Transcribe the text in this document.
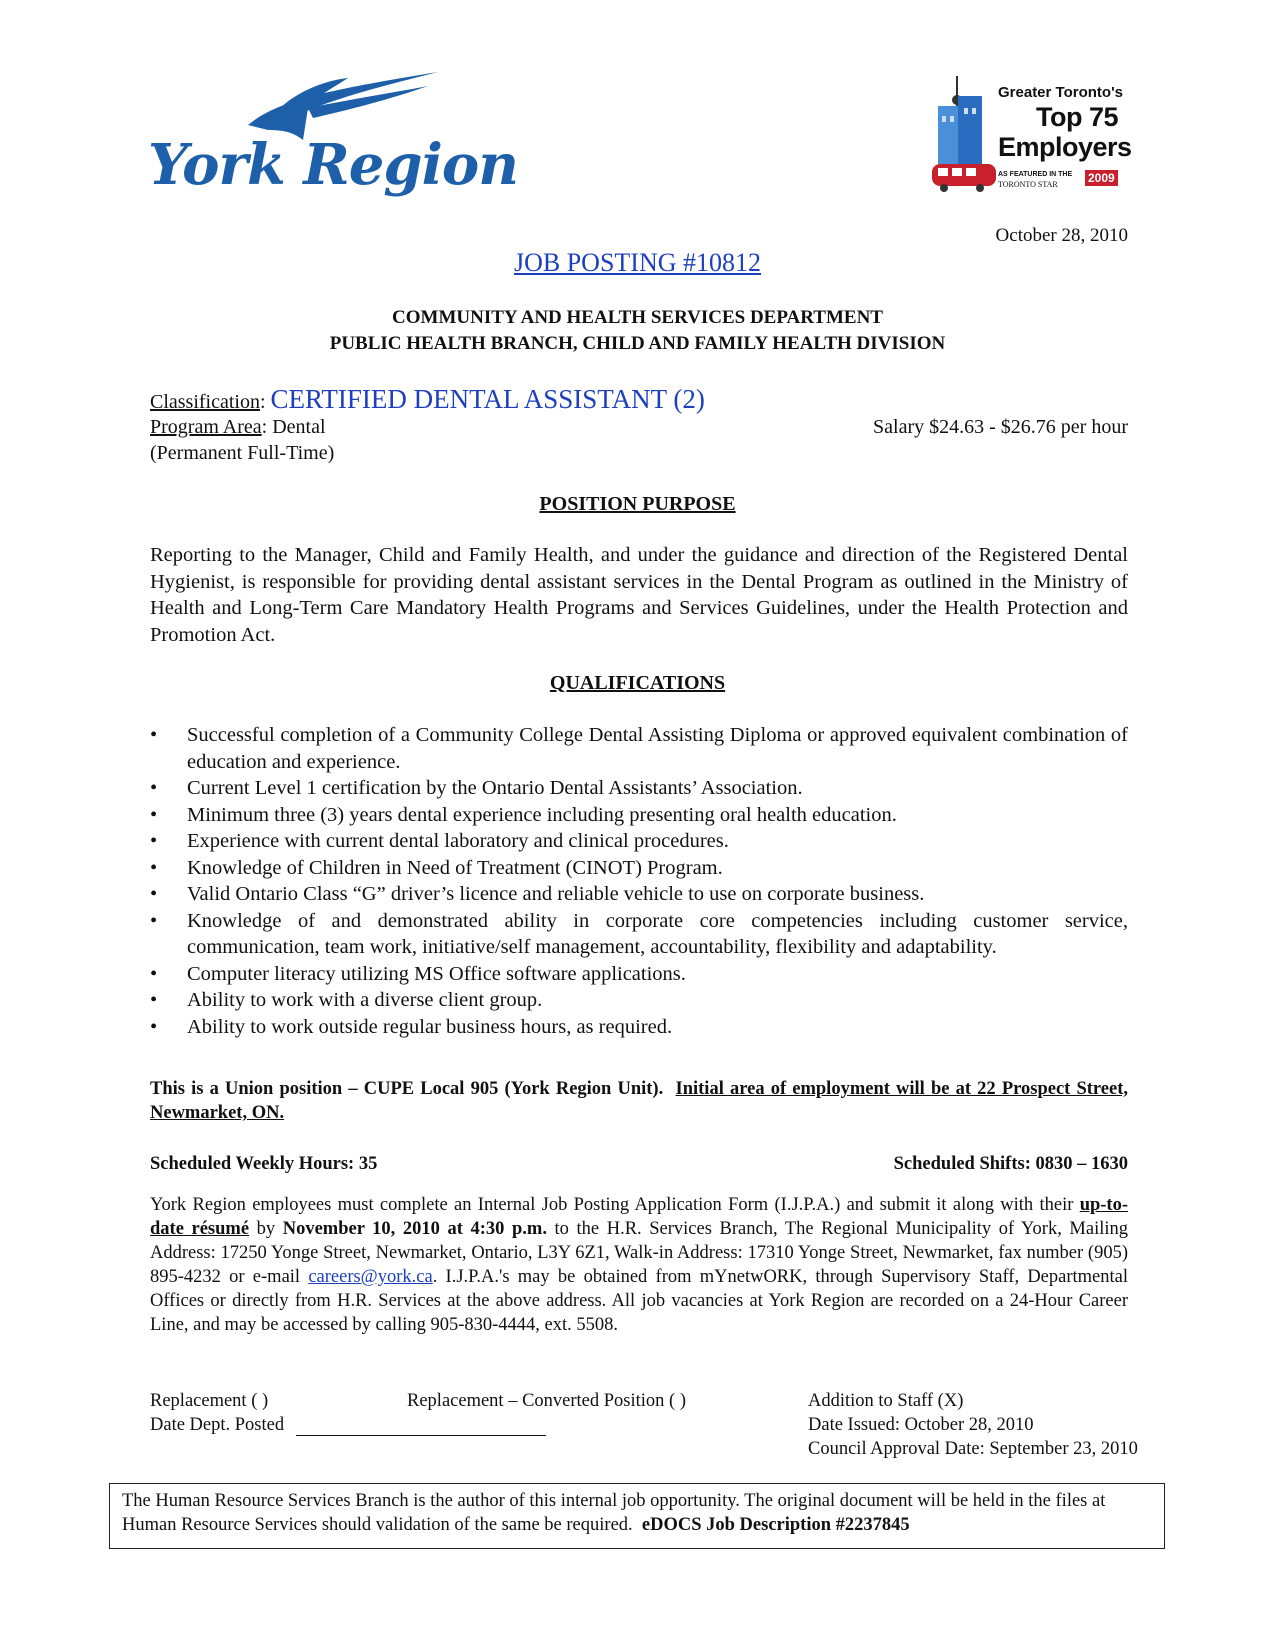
York Region
Greater Toronto's
Top 75
Employers
AS FEATURED IN THE
TORONTO STAR	2009
October 28, 2010
JOB POSTING #10812
COMMUNITY AND HEALTH SERVICES DEPARTMENT
PUBLIC HEALTH BRANCH, CHILD AND FAMILY HEALTH DIVISION
Classification: CERTIFIED DENTAL ASSISTANT (2)
Program Area: Dental
(Permanent Full-Time)
Salary $24.63 - $26.76 per hour
POSITION PURPOSE
Reporting to the Manager, Child and Family Health, and under the guidance and direction of the Registered Dental Hygienist, is responsible for providing dental assistant services in the Dental Program as outlined in the Ministry of Health and Long-Term Care Mandatory Health Programs and Services Guidelines, under the Health Protection and Promotion Act.
QUALIFICATIONS
• Successful completion of a Community College Dental Assisting Diploma or approved equivalent combination of education and experience.
• Current Level 1 certification by the Ontario Dental Assistants’ Association.
• Minimum three (3) years dental experience including presenting oral health education.
• Experience with current dental laboratory and clinical procedures.
• Knowledge of Children in Need of Treatment (CINOT) Program.
• Valid Ontario Class “G” driver’s licence and reliable vehicle to use on corporate business.
• Knowledge of and demonstrated ability in corporate core competencies including customer service, communication, team work, initiative/self management, accountability, flexibility and adaptability.
• Computer literacy utilizing MS Office software applications.
• Ability to work with a diverse client group.
• Ability to work outside regular business hours, as required.
This is a Union position – CUPE Local 905 (York Region Unit). Initial area of employment will be at 22 Prospect Street, Newmarket, ON.
Scheduled Weekly Hours: 35	Scheduled Shifts: 0830 – 1630
York Region employees must complete an Internal Job Posting Application Form (I.J.P.A.) and submit it along with their up-to-date résumé by November 10, 2010 at 4:30 p.m. to the H.R. Services Branch, The Regional Municipality of York, Mailing Address: 17250 Yonge Street, Newmarket, Ontario, L3Y 6Z1, Walk-in Address: 17310 Yonge Street, Newmarket, fax number (905) 895-4232 or e-mail careers@york.ca. I.J.P.A.'s may be obtained from mYnetwORK, through Supervisory Staff, Departmental Offices or directly from H.R. Services at the above address. All job vacancies at York Region are recorded on a 24-Hour Career Line, and may be accessed by calling 905-830-4444, ext. 5508.
Replacement ( )	Replacement – Converted Position ( )	Addition to Staff (X)
Date Dept. Posted	Date Issued: October 28, 2010
Council Approval Date: September 23, 2010
The Human Resource Services Branch is the author of this internal job opportunity. The original document will be held in the files at Human Resource Services should validation of the same be required. eDOCS Job Description #2237845
